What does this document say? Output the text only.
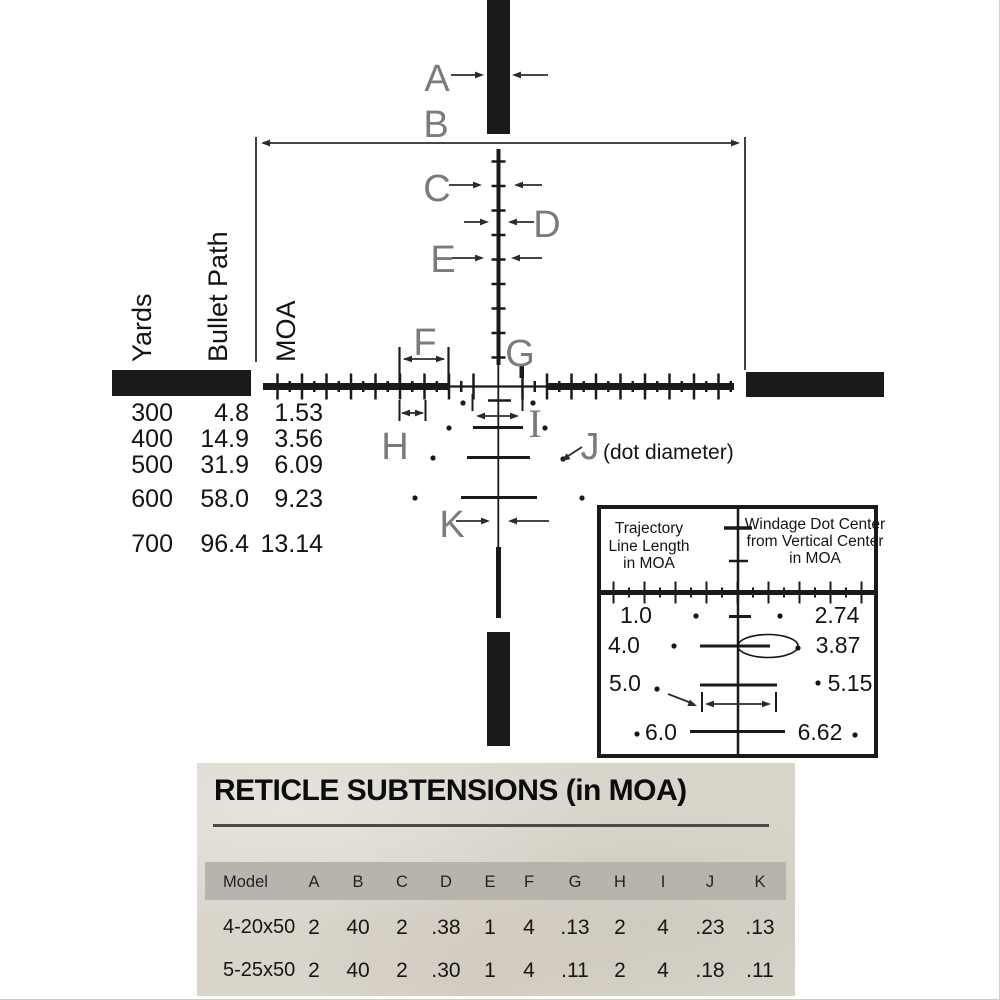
A
B
C
D
E
F G
H
I
J
K
(dot diameter)
Yards Bullet Path MOA
300 4.8 1.53
400 14.9 3.56
500 31.9 6.09
600 58.0 9.23
700 96.4 13.14
Trajectory
Line Length
in MOA
Windage Dot Center
from Vertical Center
in MOA
1.0	2.74
4.0	3.87
5.0	5.15
6.0	6.62
RETICLE SUBTENSIONS (in MOA)
Model A B C D E F G H I J K
4-20x50 2 40 2 .38 1 4 .13 2 4 .23 .13
5-25x50 2 40 2 .30 1 4 .11 2 4 .18 .11
